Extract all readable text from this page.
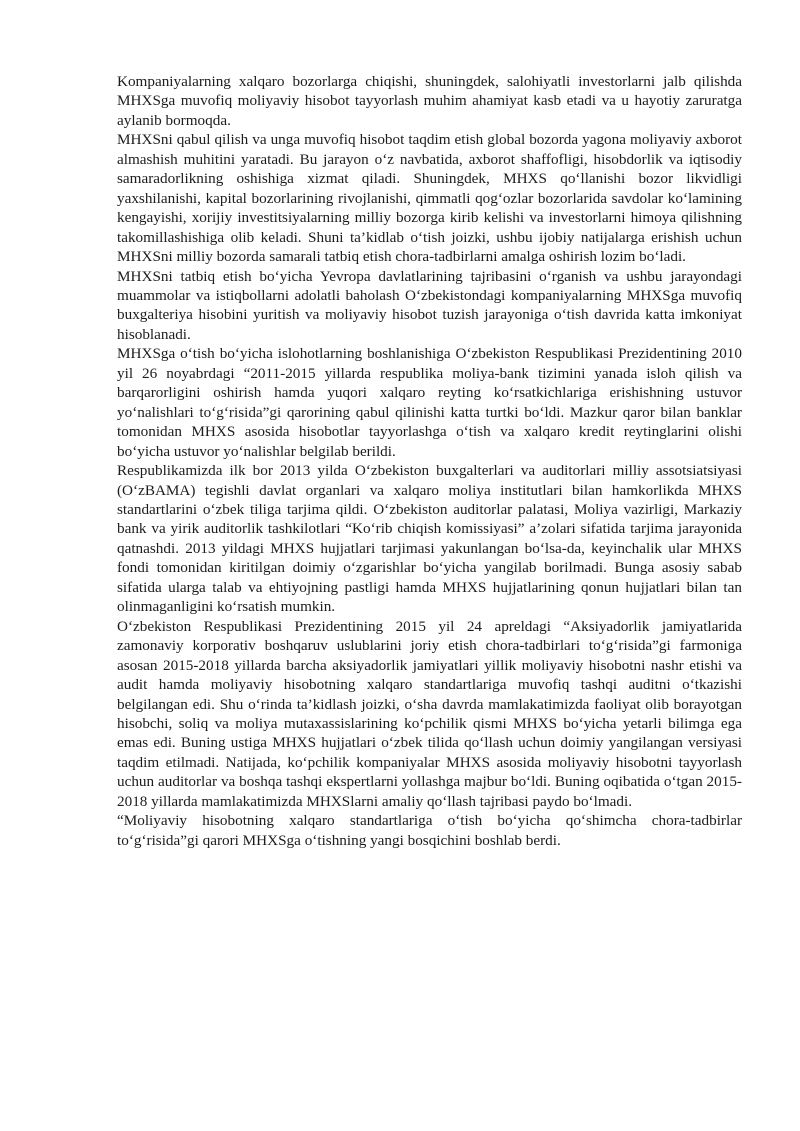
Kompaniyalarning xalqaro bozorlarga chiqishi, shuningdek, salohiyatli investorlarni jalb qilishda MHXSga muvofiq moliyaviy hisobot tayyorlash muhim ahamiyat kasb etadi va u hayotiy zaruratga aylanib bormoqda.

MHXSni qabul qilish va unga muvofiq hisobot taqdim etish global bozorda yagona moliyaviy axborot almashish muhitini yaratadi. Bu jarayon o‘z navbatida, axborot shaffofligi, hisobdorlik va iqtisodiy samaradorlikning oshishiga xizmat qiladi. Shuningdek, MHXS qo‘llanishi bozor likvidligi yaxshilanishi, kapital bozorlarining rivojlanishi, qimmatli qog‘ozlar bozorlarida savdolar ko‘lamining kengayishi, xorijiy investitsiyalarning milliy bozorga kirib kelishi va investorlarni himoya qilishning takomillashishiga olib keladi. Shuni ta’kidlab o‘tish joizki, ushbu ijobiy natijalarga erishish uchun MHXSni milliy bozorda samarali tatbiq etish chora-tadbirlarni amalga oshirish lozim bo‘ladi.

MHXSni tatbiq etish bo‘yicha Yevropa davlatlarining tajribasini o‘rganish va ushbu jarayondagi muammolar va istiqbollarni adolatli baholash O‘zbekistondagi kompaniyalarning MHXSga muvofiq buxgalteriya hisobini yuritish va moliyaviy hisobot tuzish jarayoniga o‘tish davrida katta imkoniyat hisoblanadi.

MHXSga o‘tish bo‘yicha islohotlarning boshlanishiga O‘zbekiston Respublikasi Prezidentining 2010 yil 26 noyabrdagi “2011-2015 yillarda respublika moliya-bank tizimini yanada isloh qilish va barqarorligini oshirish hamda yuqori xalqaro reyting ko‘rsatkichlariga erishishning ustuvor yo‘nalishlari to‘g‘risida”gi qarorining qabul qilinishi katta turtki bo‘ldi. Mazkur qaror bilan banklar tomonidan MHXS asosida hisobotlar tayyorlashga o‘tish va xalqaro kredit reytinglarini olishi bo‘yicha ustuvor yo‘nalishlar belgilab berildi.

Respublikamizda ilk bor 2013 yilda O‘zbekiston buxgalterlari va auditorlari milliy assotsiatsiyasi (O‘zBAMA) tegishli davlat organlari va xalqaro moliya institutlari bilan hamkorlikda MHXS standartlarini o‘zbek tiliga tarjima qildi. O‘zbekiston auditorlar palatasi, Moliya vazirligi, Markaziy bank va yirik auditorlik tashkilotlari “Ko‘rib chiqish komissiyasi” a’zolari sifatida tarjima jarayonida qatnashdi. 2013 yildagi MHXS hujjatlari tarjimasi yakunlangan bo‘lsa-da, keyinchalik ular MHXS fondi tomonidan kiritilgan doimiy o‘zgarishlar bo‘yicha yangilab borilmadi. Bunga asosiy sabab sifatida ularga talab va ehtiyojning pastligi hamda MHXS hujjatlarining qonun hujjatlari bilan tan olinmaganligini ko‘rsatish mumkin.

O‘zbekiston Respublikasi Prezidentining 2015 yil 24 apreldagi “Aksiyadorlik jamiyatlarida zamonaviy korporativ boshqaruv uslublarini joriy etish chora-tadbirlari to‘g‘risida”gi farmoniga asosan 2015-2018 yillarda barcha aksiyadorlik jamiyatlari yillik moliyaviy hisobotni nashr etishi va audit hamda moliyaviy hisobotning xalqaro standartlariga muvofiq tashqi auditni o‘tkazishi belgilangan edi. Shu o‘rinda ta’kidlash joizki, o‘sha davrda mamlakatimizda faoliyat olib borayotgan hisobchi, soliq va moliya mutaxassislarining ko‘pchilik qismi MHXS bo‘yicha yetarli bilimga ega emas edi. Buning ustiga MHXS hujjatlari o‘zbek tilida qo‘llash uchun doimiy yangilangan versiyasi taqdim etilmadi. Natijada, ko‘pchilik kompaniyalar MHXS asosida moliyaviy hisobotni tayyorlash uchun auditorlar va boshqa tashqi ekspertlarni yollashga majbur bo‘ldi. Buning oqibatida o‘tgan 2015-2018 yillarda mamlakatimizda MHXSlarni amaliy qo‘llash tajribasi paydo bo‘lmadi.

“Moliyaviy hisobotning xalqaro standartlariga o‘tish bo‘yicha qo‘shimcha chora-tadbirlar to‘g‘risida”gi qarori MHXSga o‘tishning yangi bosqichini boshlab berdi.
